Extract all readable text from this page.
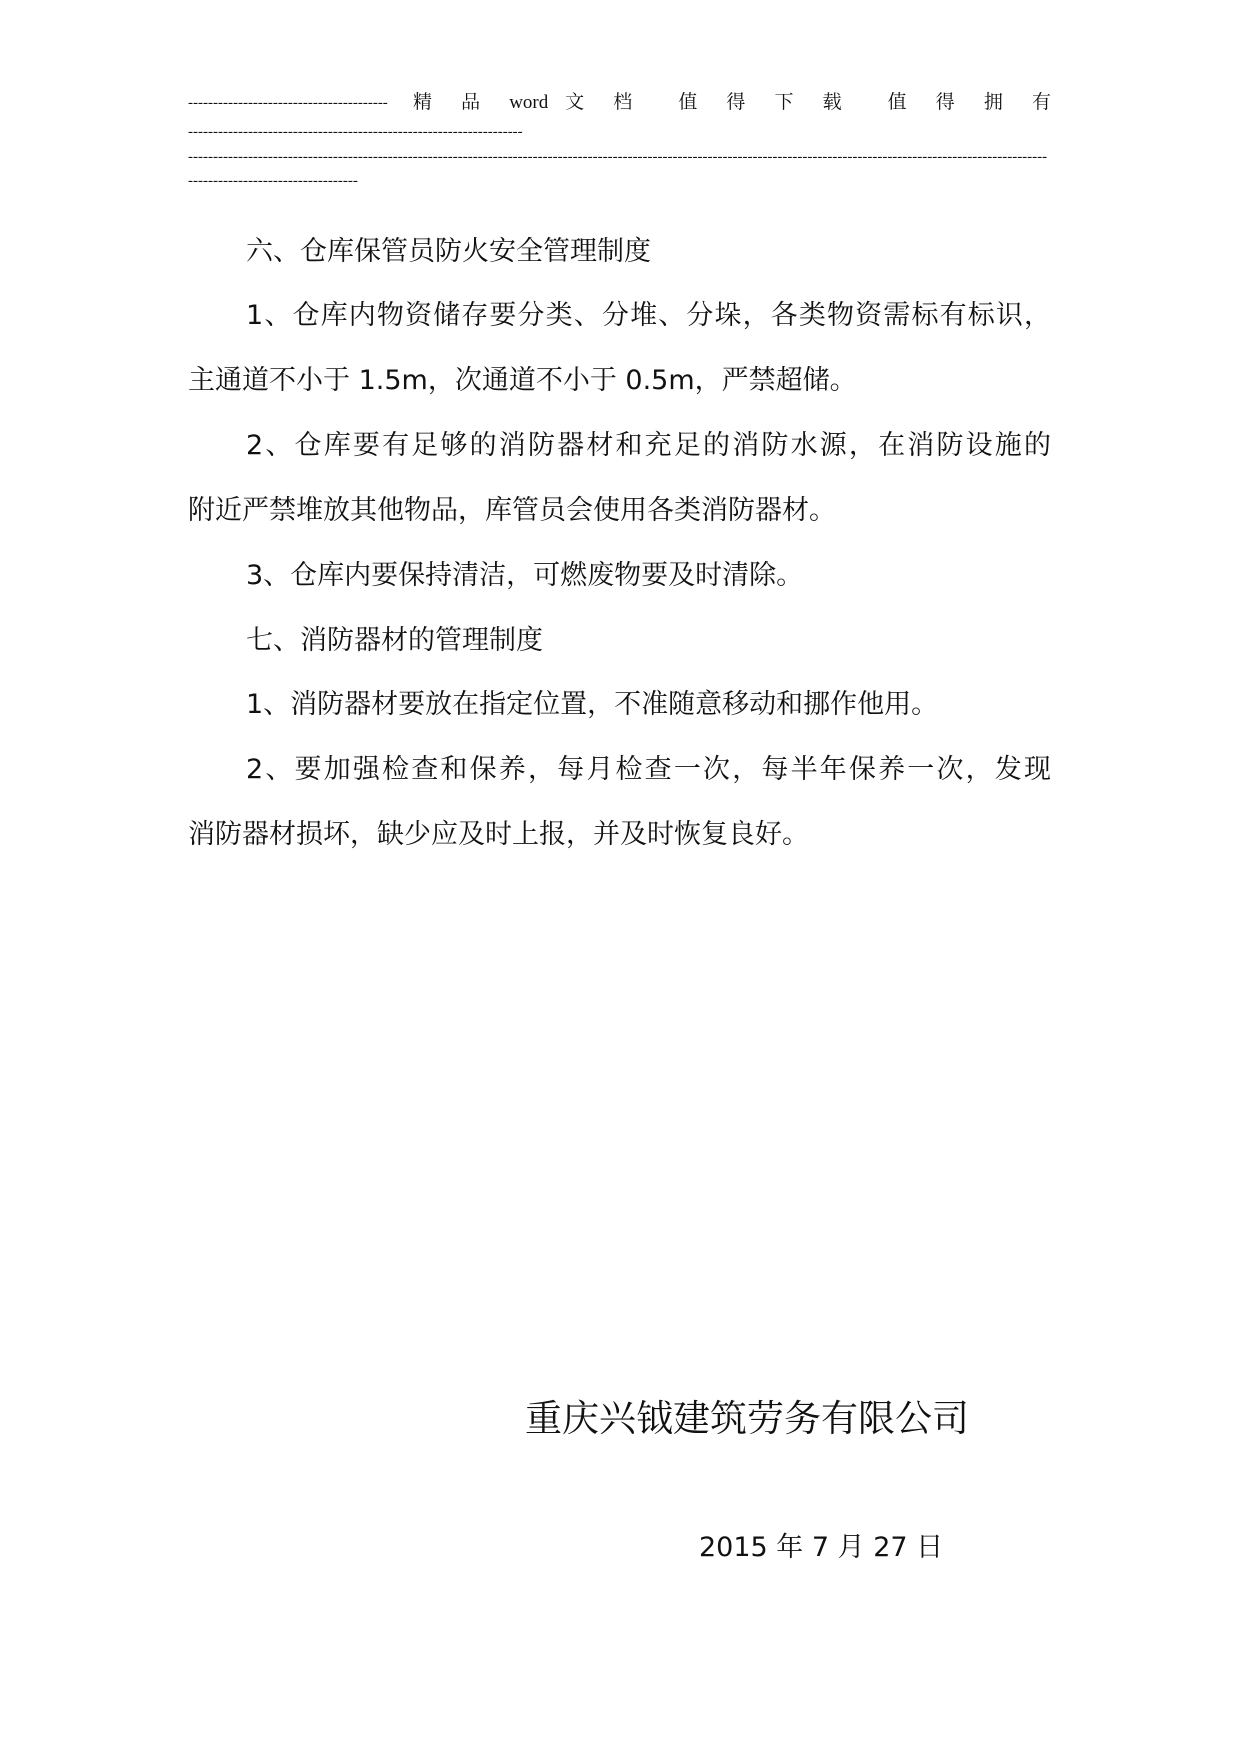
---------------------------------------- 精 品 word 文 档  值 得 下 载  值 得 拥 有
-------------------------------------------------------------------
----------------------------------------------------------------------------------------------------------------------------------------------------------------------------
----------------------------------
六、仓库保管员防火安全管理制度
1、仓库内物资储存要分类、分堆、分垛，各类物资需标有标识，
主通道不小于 1.5m，次通道不小于 0.5m，严禁超储。
2、仓库要有足够的消防器材和充足的消防水源，在消防设施的
附近严禁堆放其他物品，库管员会使用各类消防器材。
3、仓库内要保持清洁，可燃废物要及时清除。
七、消防器材的管理制度
1、消防器材要放在指定位置，不准随意移动和挪作他用。
2、要加强检查和保养，每月检查一次，每半年保养一次，发现
消防器材损坏，缺少应及时上报，并及时恢复良好。
重庆兴钺建筑劳务有限公司
2015 年 7 月 27 日
